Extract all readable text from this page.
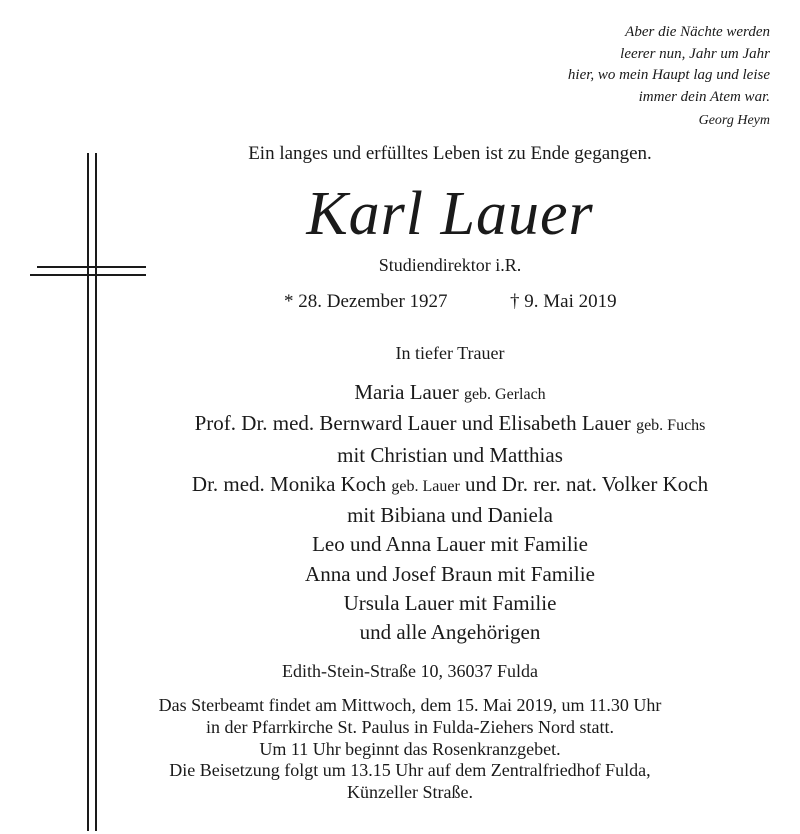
Aber die Nächte werden
leerer nun, Jahr um Jahr
hier, wo mein Haupt lag und leise
immer dein Atem war.
Georg Heym
Ein langes und erfülltes Leben ist zu Ende gegangen.
Karl Lauer
Studiendirektor i.R.
* 28. Dezember 1927	† 9. Mai 2019
In tiefer Trauer
Maria Lauer geb. Gerlach
Prof. Dr. med. Bernward Lauer und Elisabeth Lauer geb. Fuchs
mit Christian und Matthias
Dr. med. Monika Koch geb. Lauer und Dr. rer. nat. Volker Koch
mit Bibiana und Daniela
Leo und Anna Lauer mit Familie
Anna und Josef Braun mit Familie
Ursula Lauer mit Familie
und alle Angehörigen
Edith-Stein-Straße 10, 36037 Fulda
Das Sterbeamt findet am Mittwoch, dem 15. Mai 2019, um 11.30 Uhr
in der Pfarrkirche St. Paulus in Fulda-Ziehers Nord statt.
Um 11 Uhr beginnt das Rosenkranzgebet.
Die Beisetzung folgt um 13.15 Uhr auf dem Zentralfriedhof Fulda,
Künzeller Straße.
